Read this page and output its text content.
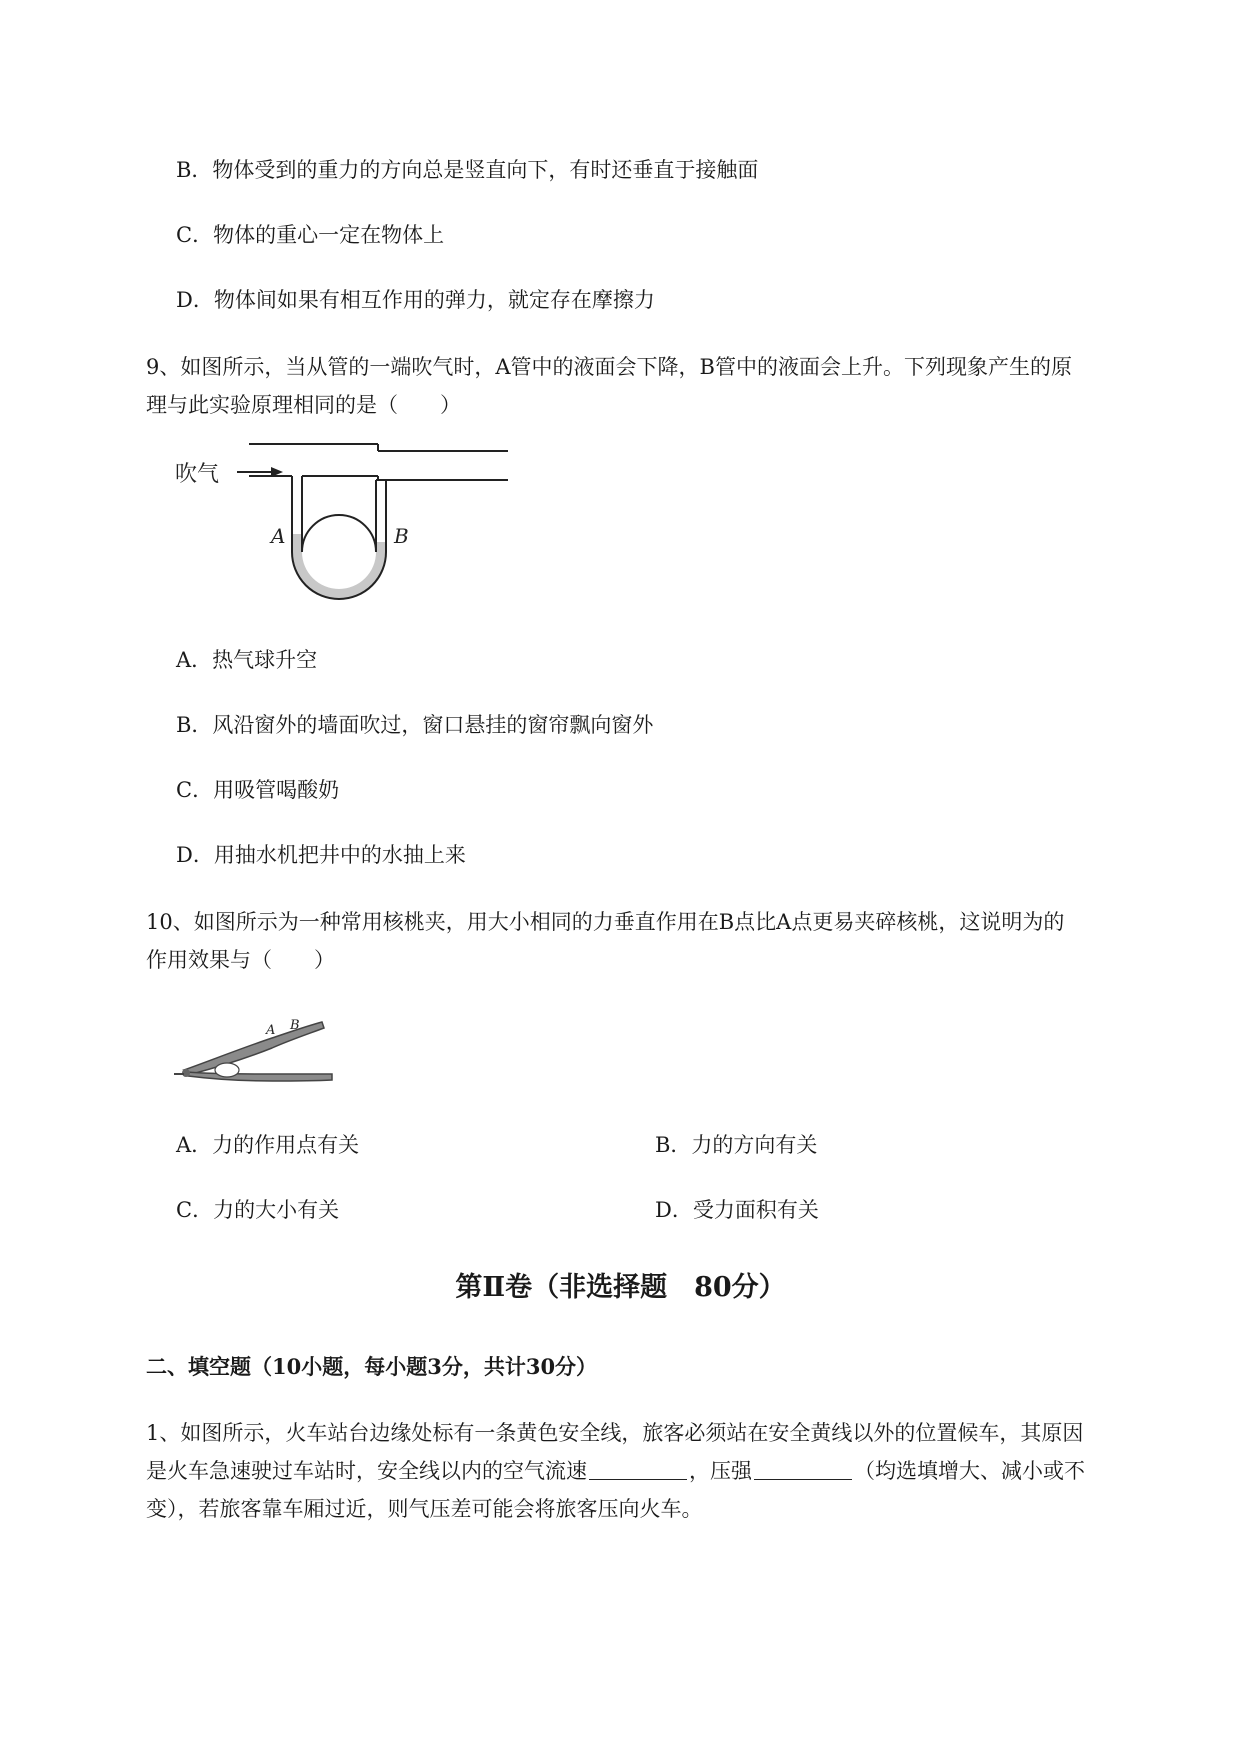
B．物体受到的重力的方向总是竖直向下，有时还垂直于接触面
C．物体的重心一定在物体上
D．物体间如果有相互作用的弹力，就定存在摩擦力
9、如图所示，当从管的一端吹气时，A管中的液面会下降，B管中的液面会上升。下列现象产生的原
理与此实验原理相同的是（　　）
吹气
A	B
A．热气球升空
B．风沿窗外的墙面吹过，窗口悬挂的窗帘飘向窗外
C．用吸管喝酸奶
D．用抽水机把井中的水抽上来
10、如图所示为一种常用核桃夹，用大小相同的力垂直作用在B点比A点更易夹碎核桃，这说明为的
作用效果与（　　）
A B
A．力的作用点有关	B．力的方向有关
C．力的大小有关	D．受力面积有关
第Ⅱ卷（非选择题　80分）
二、填空题（10小题，每小题3分，共计30分）
1、如图所示，火车站台边缘处标有一条黄色安全线，旅客必须站在安全黄线以外的位置候车，其原因
是火车急速驶过车站时，安全线以内的空气流速	，压强	（均选填增大、减小或不
变），若旅客靠车厢过近，则气压差可能会将旅客压向火车。
